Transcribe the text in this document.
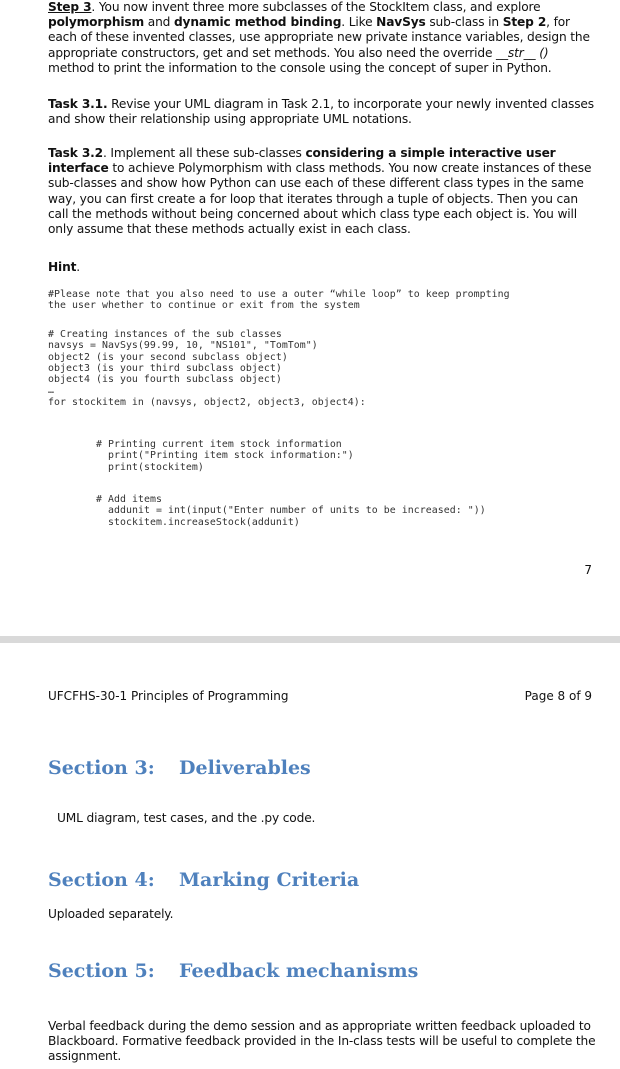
Step 3. You now invent three more subclasses of the StockItem class, and explore polymorphism and dynamic method binding. Like NavSys sub-class in Step 2, for each of these invented classes, use appropriate new private instance variables, design the appropriate constructors, get and set methods. You also need the override __str__ () method to print the information to the console using the concept of super in Python.

Task 3.1. Revise your UML diagram in Task 2.1, to incorporate your newly invented classes and show their relationship using appropriate UML notations.

Task 3.2. Implement all these sub-classes considering a simple interactive user interface to achieve Polymorphism with class methods. You now create instances of these sub-classes and show how Python can use each of these different class types in the same way, you can first create a for loop that iterates through a tuple of objects. Then you can call the methods without being concerned about which class type each object is. You will only assume that these methods actually exist in each class.

Hint.

#Please note that you also need to use a outer “while loop” to keep prompting
the user whether to continue or exit from the system
# Creating instances of the sub classes
navsys = NavSys(99.99, 10, "NS101", "TomTom")
object2 (is your second subclass object)
object3 (is your third subclass object)
object4 (is you fourth subclass object)
…
for stockitem in (navsys, object2, object3, object4):
# Printing current item stock information
print("Printing item stock information:")
print(stockitem)
# Add items
addunit = int(input("Enter number of units to be increased: "))
stockitem.increaseStock(addunit)
7
UFCFHS-30-1 Principles of Programming	Page 8 of 9
Section 3:	Deliverables
UML diagram, test cases, and the .py code.
Section 4:	Marking Criteria
Uploaded separately.
Section 5:	Feedback mechanisms
Verbal feedback during the demo session and as appropriate written feedback uploaded to Blackboard. Formative feedback provided in the In-class tests will be useful to complete the assignment.
